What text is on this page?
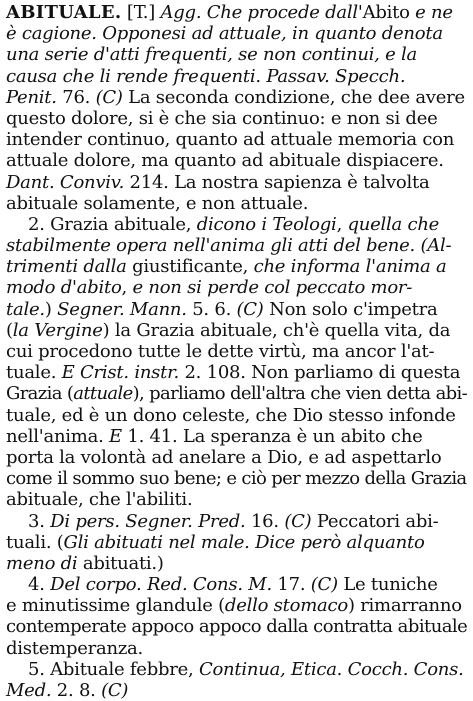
ABITUALE. [T.] Agg. Che procede dall'Abito e ne
è cagione. Opponesi ad attuale, in quanto denota
una serie d'atti frequenti, se non continui, e la
causa che li rende frequenti. Passav. Specch.
Penit. 76. (C) La seconda condizione, che dee avere
questo dolore, si è che sia continuo: e non si dee
intender continuo, quanto ad attuale memoria con
attuale dolore, ma quanto ad abituale dispiacere.
Dant. Conviv. 214. La nostra sapienza è talvolta
abituale solamente, e non attuale.
2. Grazia abituale, dicono i Teologi, quella che
stabilmente opera nell'anima gli atti del bene. (Al-
trimenti dalla giustificante, che informa l'anima a
modo d'abito, e non si perde col peccato mor-
tale.) Segner. Mann. 5. 6. (C) Non solo c'impetra
(la Vergine) la Grazia abituale, ch'è quella vita, da
cui procedono tutte le dette virtù, ma ancor l'at-
tuale. E Crist. instr. 2. 108. Non parliamo di questa
Grazia (attuale), parliamo dell'altra che vien detta abi-
tuale, ed è un dono celeste, che Dio stesso infonde
nell'anima. E 1. 41. La speranza è un abito che
porta la volontà ad anelare a Dio, e ad aspettarlo
come il sommo suo bene; e ciò per mezzo della Grazia
abituale, che l'abiliti.
3. Di pers. Segner. Pred. 16. (C) Peccatori abi-
tuali. (Gli abituati nel male. Dice però alquanto
meno di abituati.)
4. Del corpo. Red. Cons. M. 17. (C) Le tuniche
e minutissime glandule (dello stomaco) rimarranno
contemperate appoco appoco dalla contratta abituale
distemperanza.
5. Abituale febbre, Continua, Etica. Cocch. Cons.
Med. 2. 8. (C)
